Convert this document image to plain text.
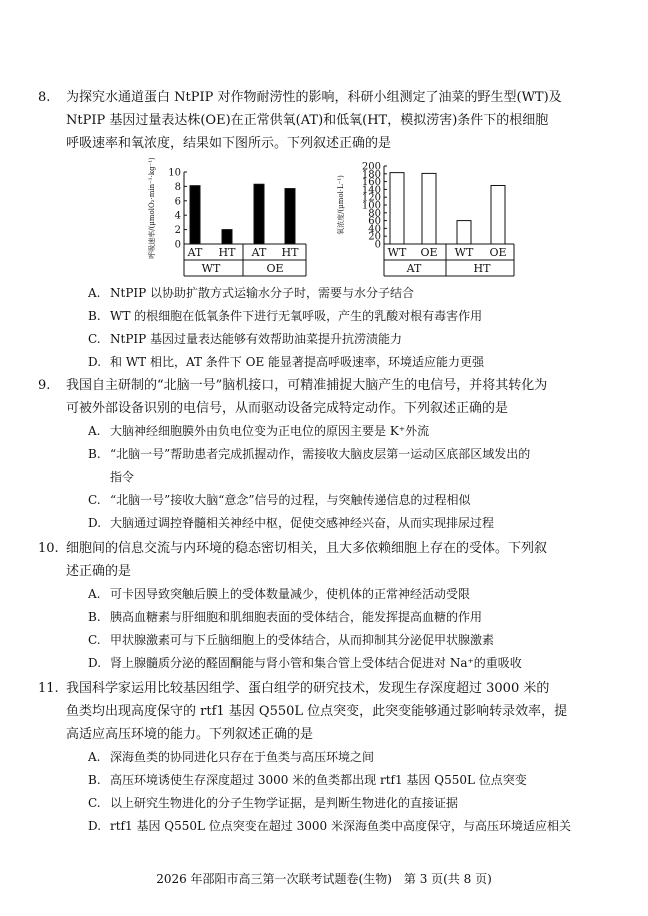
8. 为探究水通道蛋白 NtPIP 对作物耐涝性的影响，科研小组测定了油菜的野生型(WT)及
NtPIP 基因过量表达株(OE)在正常供氧(AT)和低氧(HT，模拟涝害)条件下的根细胞
呼吸速率和氧浓度，结果如下图所示。下列叙述正确的是
呼吸速率/(μmolO₂·min⁻¹·kg⁻¹) 0
2
4
6
8
10
AT HT AT HT
WT	OE
氧浓度/(μmol·L⁻¹)
0
20
40
60
80
100
120
140
160
180
200
WT OE WT OE
AT	HT
A. NtPIP 以协助扩散方式运输水分子时，需要与水分子结合
B. WT 的根细胞在低氧条件下进行无氧呼吸，产生的乳酸对根有毒害作用
C. NtPIP 基因过量表达能够有效帮助油菜提升抗涝渍能力
D. 和 WT 相比，AT 条件下 OE 能显著提高呼吸速率，环境适应能力更强
9. 我国自主研制的“北脑一号”脑机接口，可精准捕捉大脑产生的电信号，并将其转化为
可被外部设备识别的电信号，从而驱动设备完成特定动作。下列叙述正确的是
A. 大脑神经细胞膜外由负电位变为正电位的原因主要是 K⁺外流
B. “北脑一号”帮助患者完成抓握动作，需接收大脑皮层第一运动区底部区域发出的
指令
C. “北脑一号”接收大脑“意念”信号的过程，与突触传递信息的过程相似
D. 大脑通过调控脊髓相关神经中枢，促使交感神经兴奋，从而实现排尿过程
10. 细胞间的信息交流与内环境的稳态密切相关，且大多依赖细胞上存在的受体。下列叙
述正确的是
A. 可卡因导致突触后膜上的受体数量减少，使机体的正常神经活动受限
B. 胰高血糖素与肝细胞和肌细胞表面的受体结合，能发挥提高血糖的作用
C. 甲状腺激素可与下丘脑细胞上的受体结合，从而抑制其分泌促甲状腺激素
D. 肾上腺髓质分泌的醛固酮能与肾小管和集合管上受体结合促进对 Na⁺的重吸收
11. 我国科学家运用比较基因组学、蛋白组学的研究技术，发现生存深度超过 3000 米的
鱼类均出现高度保守的 rtf1 基因 Q550L 位点突变，此突变能够通过影响转录效率，提
高适应高压环境的能力。下列叙述正确的是
A. 深海鱼类的协同进化只存在于鱼类与高压环境之间
B. 高压环境诱使生存深度超过 3000 米的鱼类都出现 rtf1 基因 Q550L 位点突变
C. 以上研究生物进化的分子生物学证据，是判断生物进化的直接证据
D. rtf1 基因 Q550L 位点突变在超过 3000 米深海鱼类中高度保守，与高压环境适应相关
2026 年邵阳市高三第一次联考试题卷(生物)　第 3 页(共 8 页)
